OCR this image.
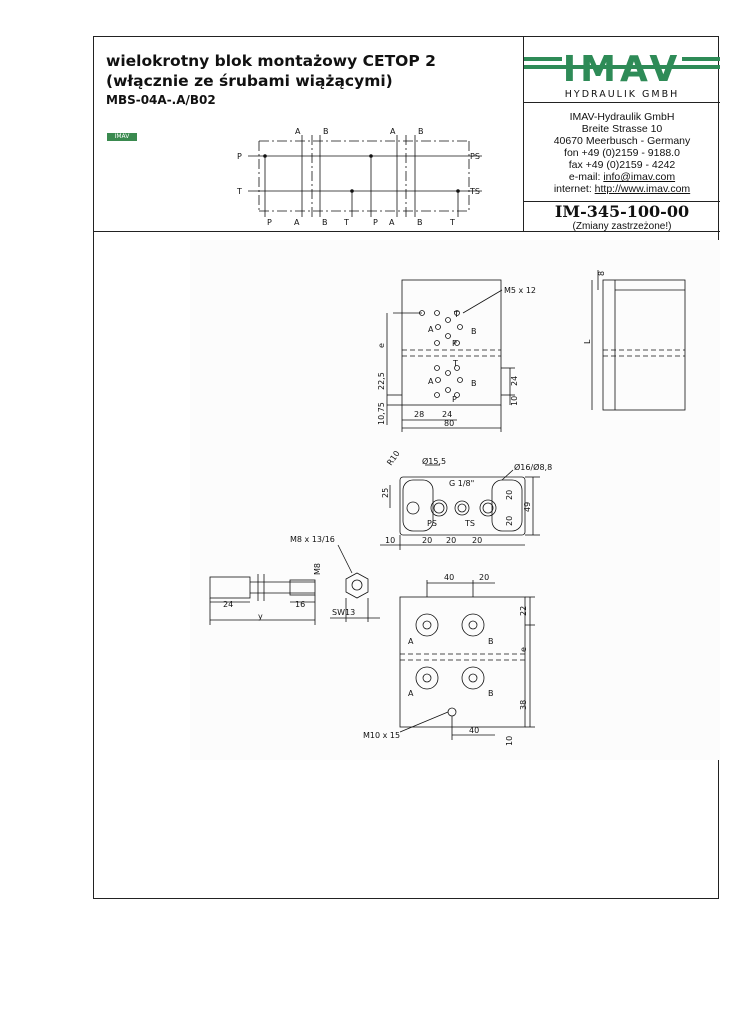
wielokrotny blok montażowy CETOP 2
(włącznie ze śrubami wiążącymi)
MBS-04A-.A/B02
IMAV
A	B	A	B
P
T
PS
TS
P	A	B T	P A	B	T
IMAV
HYDRAULIK GMBH
IMAV-Hydraulik GmbH
Breite Strasse 10
40670 Meerbusch - Germany
fon +49 (0)2159 - 9188.0
fax +49 (0)2159 - 4242
e-mail: info@imav.com
internet: http://www.imav.com
IM-345-100-00
(Zmiany zastrzeżone!)
M5 x 12
e
22,5
10,75	28 24
80
24
10
8
L
T
A	B
P
T
A	B
P
R10	Ø15,5
G 1/8"
Ø16/Ø8,8
25	20
20
49
PS	TS
10	20 20 20
M8 x 13/16
M8
24	16
y	SW13
40	20
22
e
A	B
A	B
38
M10 x 15
40
10
